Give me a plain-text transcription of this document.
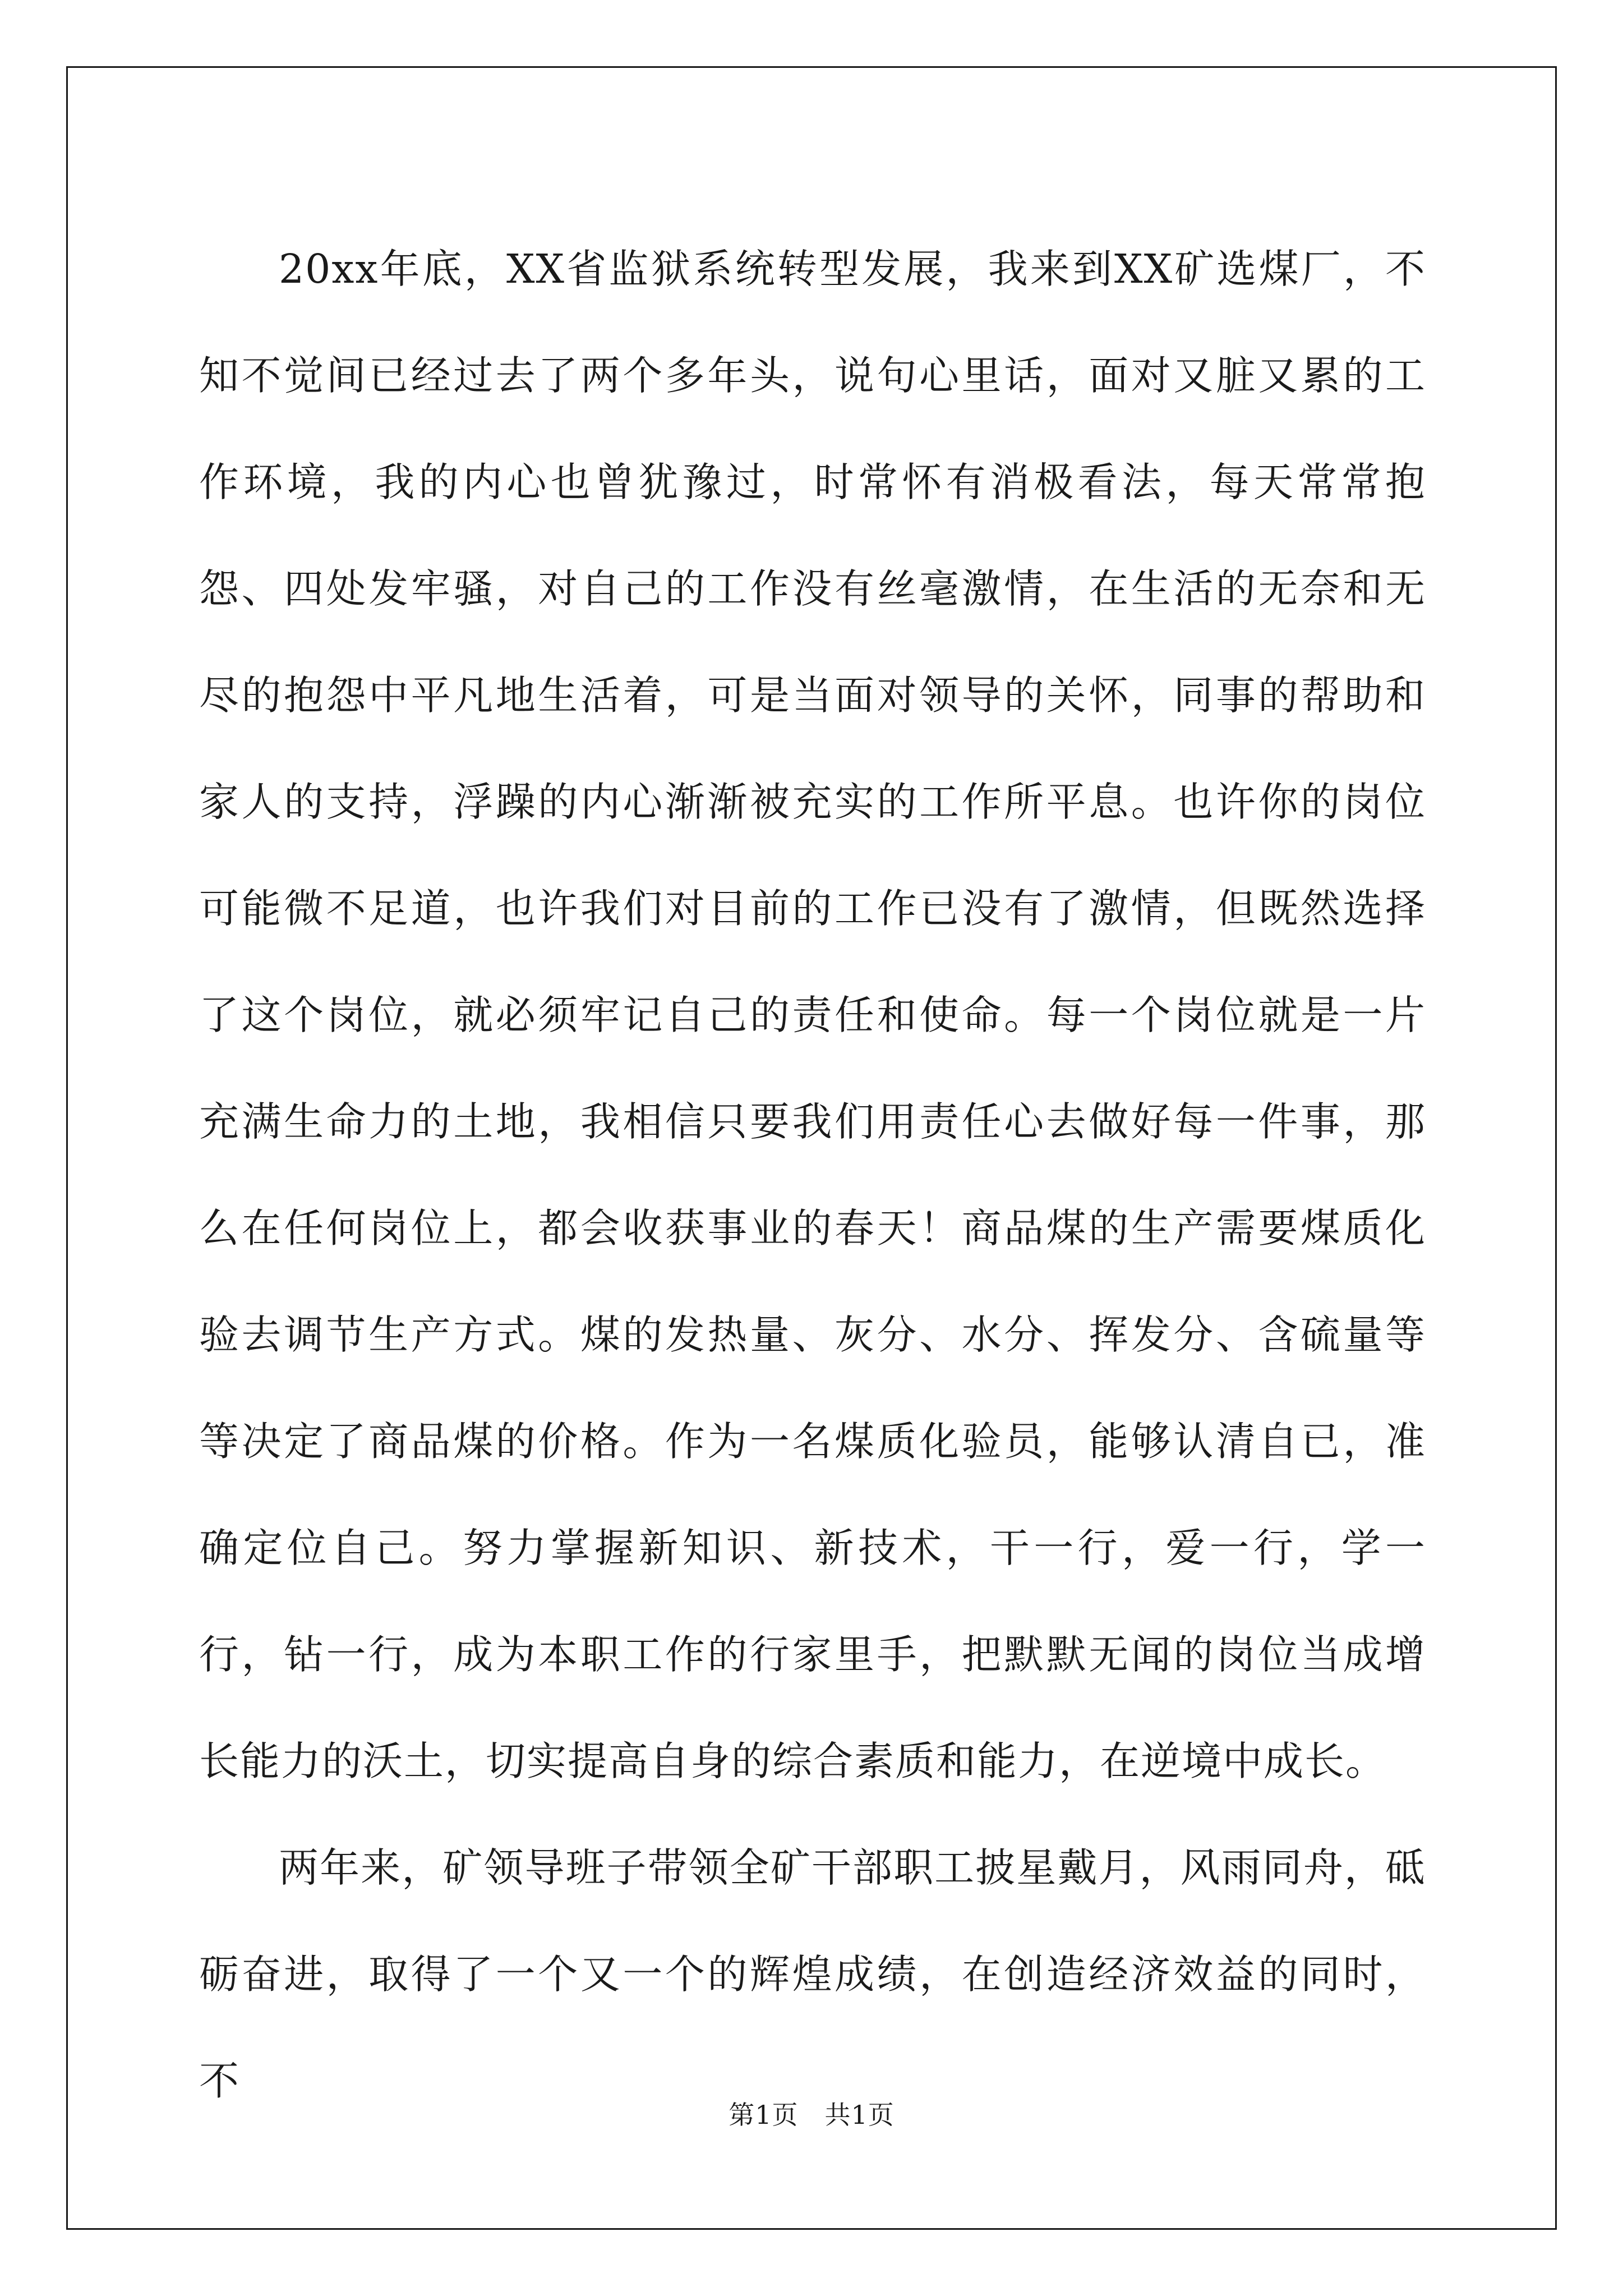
20xx年底，XX省监狱系统转型发展，我来到XX矿选煤厂，不知不觉间已经过去了两个多年头，说句心里话，面对又脏又累的工作环境，我的内心也曾犹豫过，时常怀有消极看法，每天常常抱怨、四处发牢骚，对自己的工作没有丝毫激情，在生活的无奈和无尽的抱怨中平凡地生活着，可是当面对领导的关怀，同事的帮助和家人的支持，浮躁的内心渐渐被充实的工作所平息。也许你的岗位可能微不足道，也许我们对目前的工作已没有了激情，但既然选择了这个岗位，就必须牢记自己的责任和使命。每一个岗位就是一片充满生命力的土地，我相信只要我们用责任心去做好每一件事，那么在任何岗位上，都会收获事业的春天！商品煤的生产需要煤质化验去调节生产方式。煤的发热量、灰分、水分、挥发分、含硫量等等决定了商品煤的价格。作为一名煤质化验员，能够认清自已，准确定位自己。努力掌握新知识、新技术，干一行，爱一行，学一行，钻一行，成为本职工作的行家里手，把默默无闻的岗位当成增长能力的沃土，切实提高自身的综合素质和能力，在逆境中成长。

两年来，矿领导班子带领全矿干部职工披星戴月，风雨同舟，砥砺奋进，取得了一个又一个的辉煌成绩，在创造经济效益的同时，不

第1页 共1页
